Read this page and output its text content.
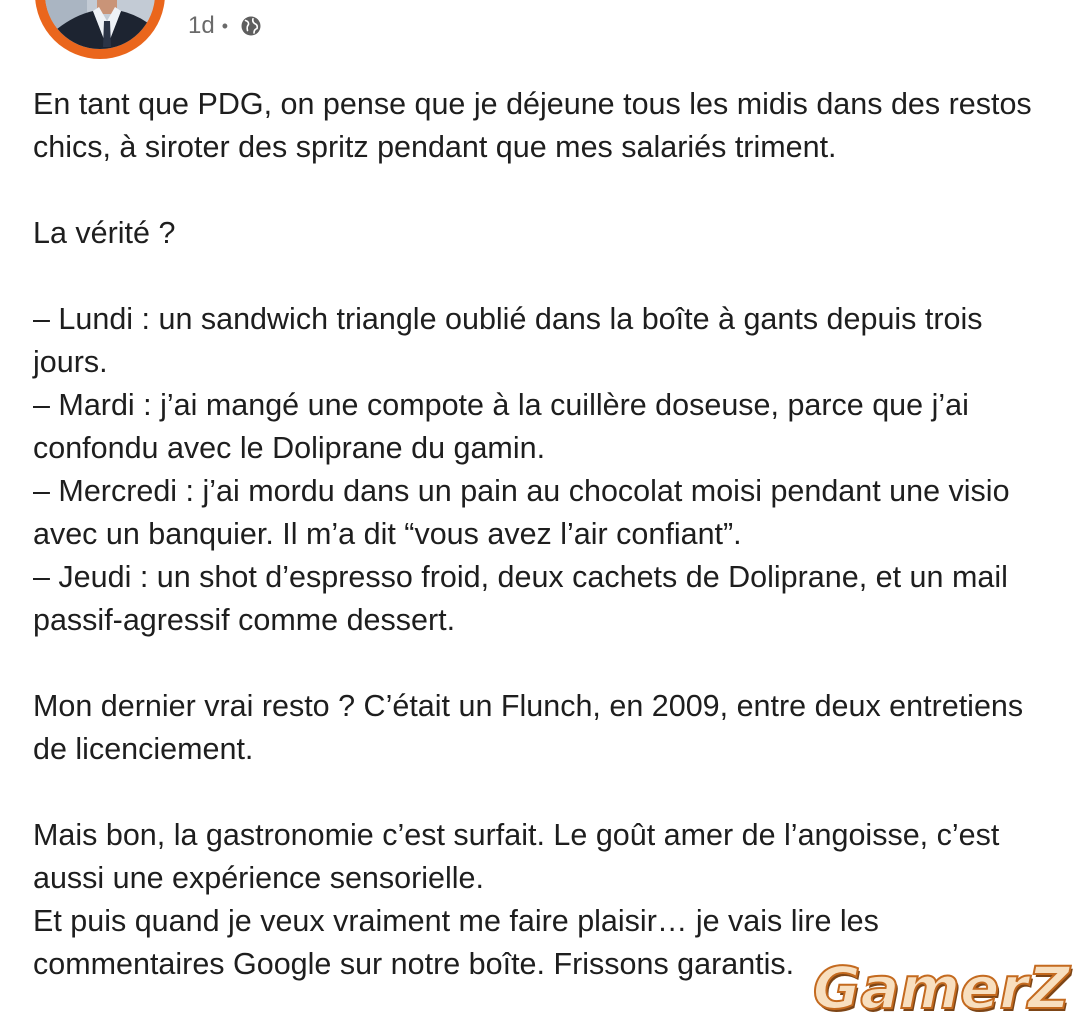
1d •
En tant que PDG, on pense que je déjeune tous les midis dans des restos
chics, à siroter des spritz pendant que mes salariés triment.
La vérité ?
– Lundi : un sandwich triangle oublié dans la boîte à gants depuis trois
jours.
– Mardi : j’ai mangé une compote à la cuillère doseuse, parce que j’ai
confondu avec le Doliprane du gamin.
– Mercredi : j’ai mordu dans un pain au chocolat moisi pendant une visio
avec un banquier. Il m’a dit “vous avez l’air confiant”.
– Jeudi : un shot d’espresso froid, deux cachets de Doliprane, et un mail
passif-agressif comme dessert.
Mon dernier vrai resto ? C’était un Flunch, en 2009, entre deux entretiens
de licenciement.
Mais bon, la gastronomie c’est surfait. Le goût amer de l’angoisse, c’est
aussi une expérience sensorielle.
Et puis quand je veux vraiment me faire plaisir… je vais lire les
commentaires Google sur notre boîte. Frissons garantis. GamerZ
